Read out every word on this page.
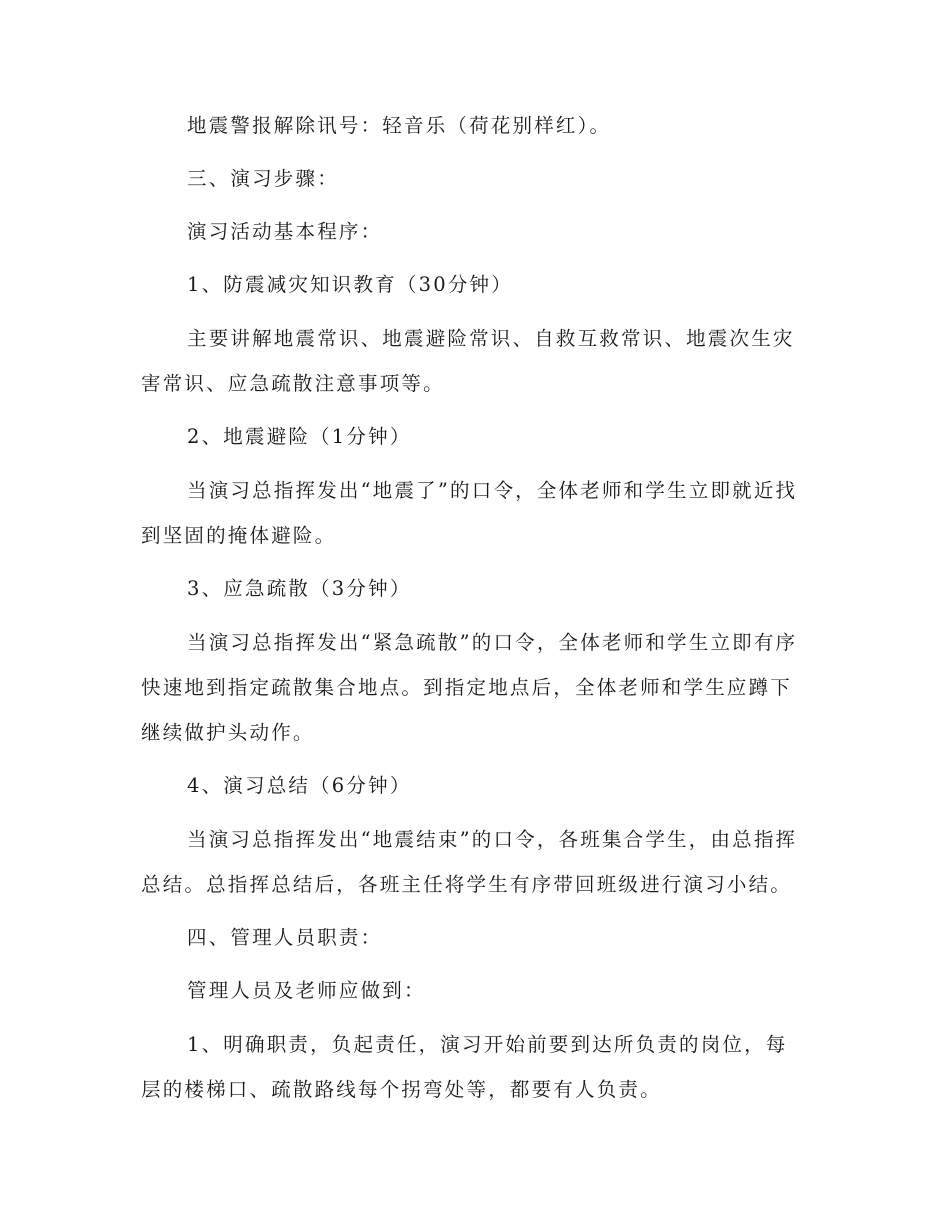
地震警报解除讯号：轻音乐（荷花别样红）。

三、演习步骤：

演习活动基本程序：

1、防震减灾知识教育（30分钟）

主要讲解地震常识、地震避险常识、自救互救常识、地震次生灾害常识、应急疏散注意事项等。

2、地震避险（1分钟）

当演习总指挥发出“地震了”的口令，全体老师和学生立即就近找到坚固的掩体避险。

3、应急疏散（3分钟）

当演习总指挥发出“紧急疏散”的口令，全体老师和学生立即有序快速地到指定疏散集合地点。到指定地点后，全体老师和学生应蹲下继续做护头动作。

4、演习总结（6分钟）

当演习总指挥发出“地震结束”的口令，各班集合学生，由总指挥总结。总指挥总结后，各班主任将学生有序带回班级进行演习小结。

四、管理人员职责：

管理人员及老师应做到：

1、明确职责，负起责任，演习开始前要到达所负责的岗位，每层的楼梯口、疏散路线每个拐弯处等，都要有人负责。
